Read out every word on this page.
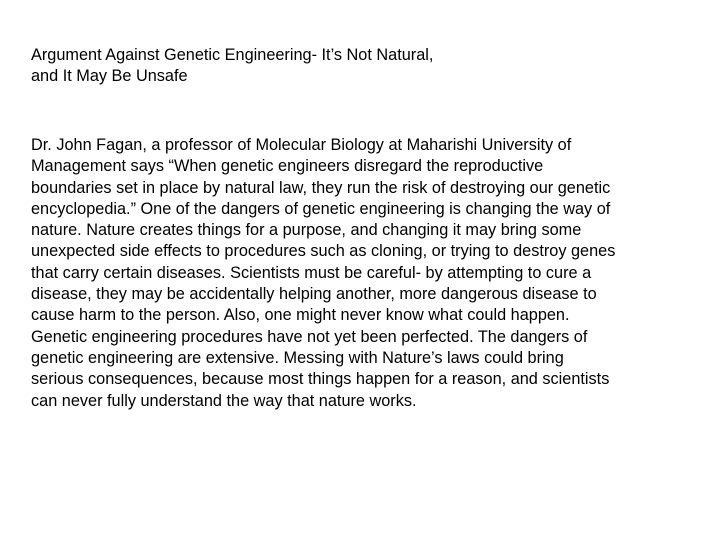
Argument Against Genetic Engineering- It’s Not Natural,
and It May Be Unsafe
Dr. John Fagan, a professor of Molecular Biology at Maharishi University of
Management says “When genetic engineers disregard the reproductive
boundaries set in place by natural law, they run the risk of destroying our genetic
encyclopedia.” One of the dangers of genetic engineering is changing the way of
nature. Nature creates things for a purpose, and changing it may bring some
unexpected side effects to procedures such as cloning, or trying to destroy genes
that carry certain diseases. Scientists must be careful- by attempting to cure a
disease, they may be accidentally helping another, more dangerous disease to
cause harm to the person. Also, one might never know what could happen.
Genetic engineering procedures have not yet been perfected. The dangers of
genetic engineering are extensive. Messing with Nature’s laws could bring
serious consequences, because most things happen for a reason, and scientists
can never fully understand the way that nature works.
